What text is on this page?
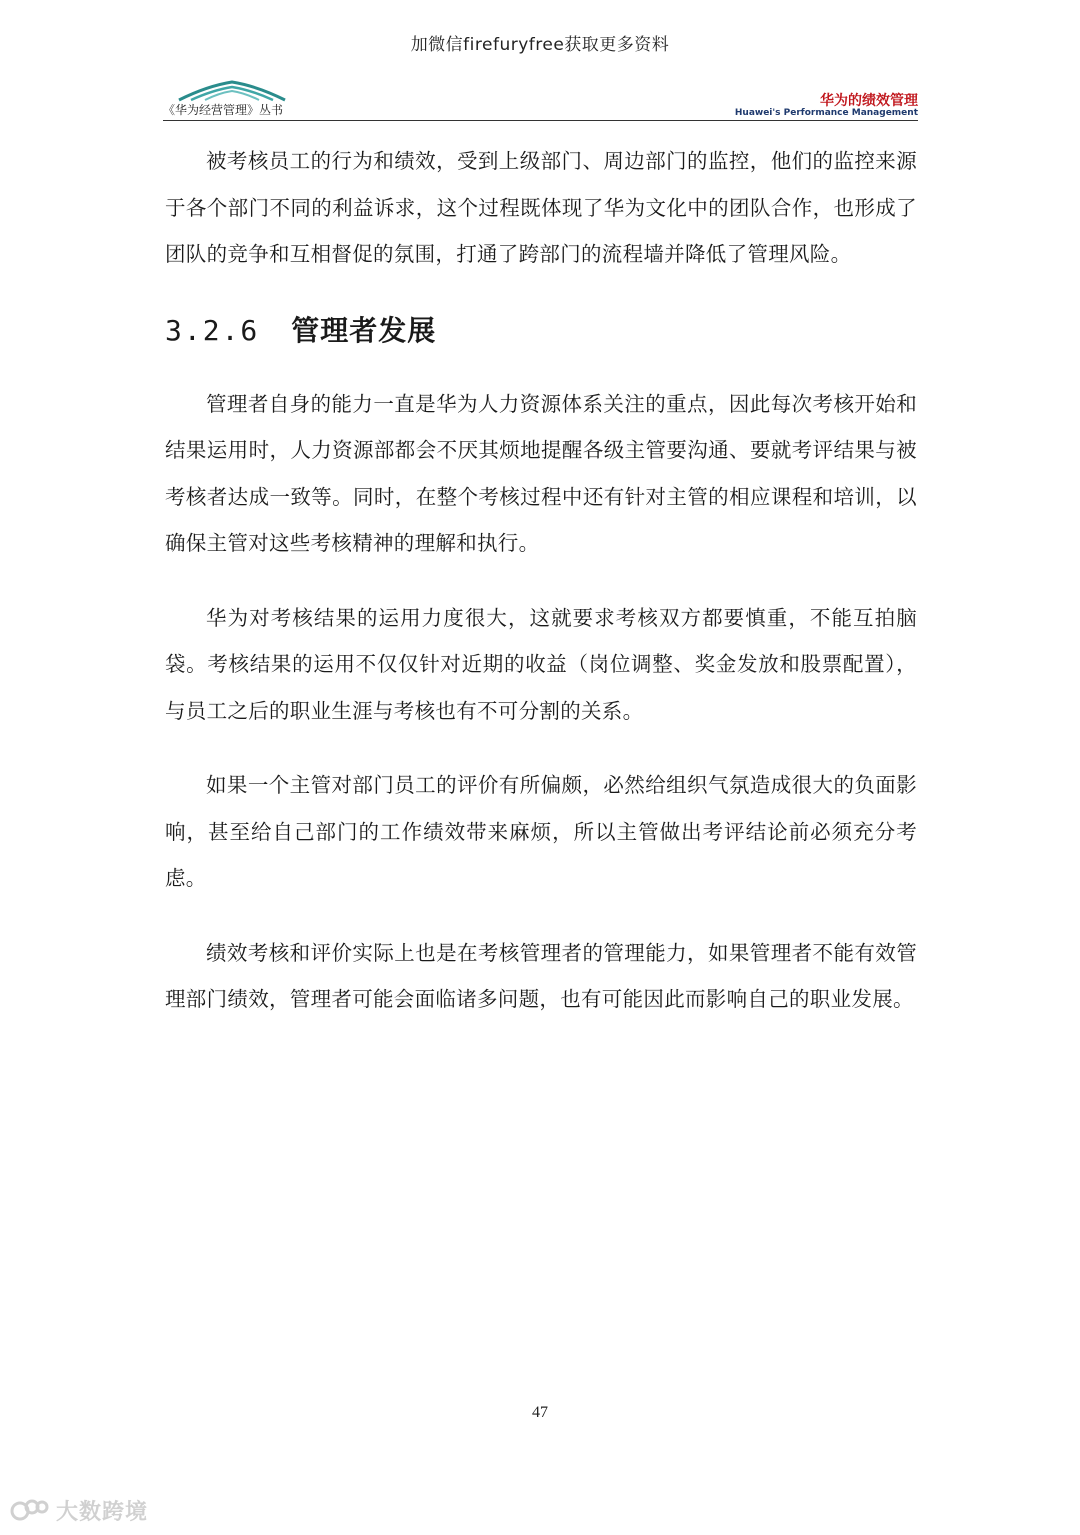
加微信firefuryfree获取更多资料
《华为经营管理》丛书
华为的绩效管理
Huawei's Performance Management

被考核员工的行为和绩效，受到上级部门、周边部门的监控，他们的监控来源于各个部门不同的利益诉求，这个过程既体现了华为文化中的团队合作，也形成了团队的竞争和互相督促的氛围，打通了跨部门的流程墙并降低了管理风险。

3.2.6 管理者发展

管理者自身的能力一直是华为人力资源体系关注的重点，因此每次考核开始和结果运用时，人力资源部都会不厌其烦地提醒各级主管要沟通、要就考评结果与被考核者达成一致等。同时，在整个考核过程中还有针对主管的相应课程和培训，以确保主管对这些考核精神的理解和执行。

华为对考核结果的运用力度很大，这就要求考核双方都要慎重，不能互拍脑袋。考核结果的运用不仅仅针对近期的收益（岗位调整、奖金发放和股票配置），与员工之后的职业生涯与考核也有不可分割的关系。

如果一个主管对部门员工的评价有所偏颇，必然给组织气氛造成很大的负面影响，甚至给自己部门的工作绩效带来麻烦，所以主管做出考评结论前必须充分考虑。

绩效考核和评价实际上也是在考核管理者的管理能力，如果管理者不能有效管理部门绩效，管理者可能会面临诸多问题，也有可能因此而影响自己的职业发展。

47
大数跨境
